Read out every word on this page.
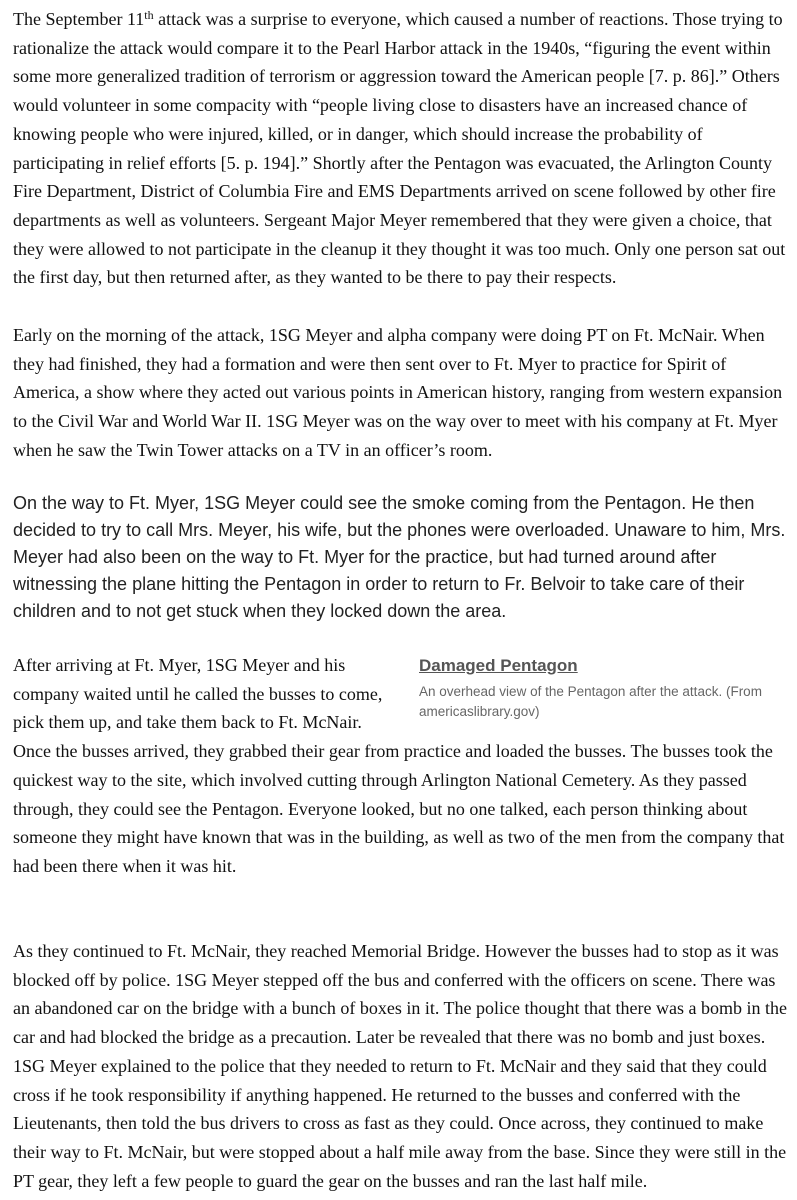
The September 11th attack was a surprise to everyone, which caused a number of reactions. Those trying to rationalize the attack would compare it to the Pearl Harbor attack in the 1940s, “figuring the event within some more generalized tradition of terrorism or aggression toward the American people [7. p. 86].” Others would volunteer in some compacity with “people living close to disasters have an increased chance of knowing people who were injured, killed, or in danger, which should increase the probability of participating in relief efforts [5. p. 194].” Shortly after the Pentagon was evacuated, the Arlington County Fire Department, District of Columbia Fire and EMS Departments arrived on scene followed by other fire departments as well as volunteers. Sergeant Major Meyer remembered that they were given a choice, that they were allowed to not participate in the cleanup it they thought it was too much. Only one person sat out the first day, but then returned after, as they wanted to be there to pay their respects.

Early on the morning of the attack, 1SG Meyer and alpha company were doing PT on Ft. McNair. When they had finished, they had a formation and were then sent over to Ft. Myer to practice for Spirit of America, a show where they acted out various points in American history, ranging from western expansion to the Civil War and World War II. 1SG Meyer was on the way over to meet with his company at Ft. Myer when he saw the Twin Tower attacks on a TV in an officer’s room.

On the way to Ft. Myer, 1SG Meyer could see the smoke coming from the Pentagon. He then decided to try to call Mrs. Meyer, his wife, but the phones were overloaded. Unaware to him, Mrs. Meyer had also been on the way to Ft. Myer for the practice, but had turned around after witnessing the plane hitting the Pentagon in order to return to Fr. Belvoir to take care of their children and to not get stuck when they locked down the area.

Damaged Pentagon
An overhead view of the Pentagon after the attack. (From americaslibrary.gov)
After arriving at Ft. Myer, 1SG Meyer and his company waited until he called the busses to come, pick them up, and take them back to Ft. McNair. Once the busses arrived, they grabbed their gear from practice and loaded the busses. The busses took the quickest way to the site, which involved cutting through Arlington National Cemetery. As they passed through, they could see the Pentagon. Everyone looked, but no one talked, each person thinking about someone they might have known that was in the building, as well as two of the men from the company that had been there when it was hit.

As they continued to Ft. McNair, they reached Memorial Bridge. However the busses had to stop as it was blocked off by police. 1SG Meyer stepped off the bus and conferred with the officers on scene. There was an abandoned car on the bridge with a bunch of boxes in it. The police thought that there was a bomb in the car and had blocked the bridge as a precaution. Later be revealed that there was no bomb and just boxes. 1SG Meyer explained to the police that they needed to return to Ft. McNair and they said that they could cross if he took responsibility if anything happened. He returned to the busses and conferred with the Lieutenants, then told the bus drivers to cross as fast as they could. Once across, they continued to make their way to Ft. McNair, but were stopped about a half mile away from the base. Since they were still in the PT gear, they left a few people to guard the gear on the busses and ran the last half mile.
